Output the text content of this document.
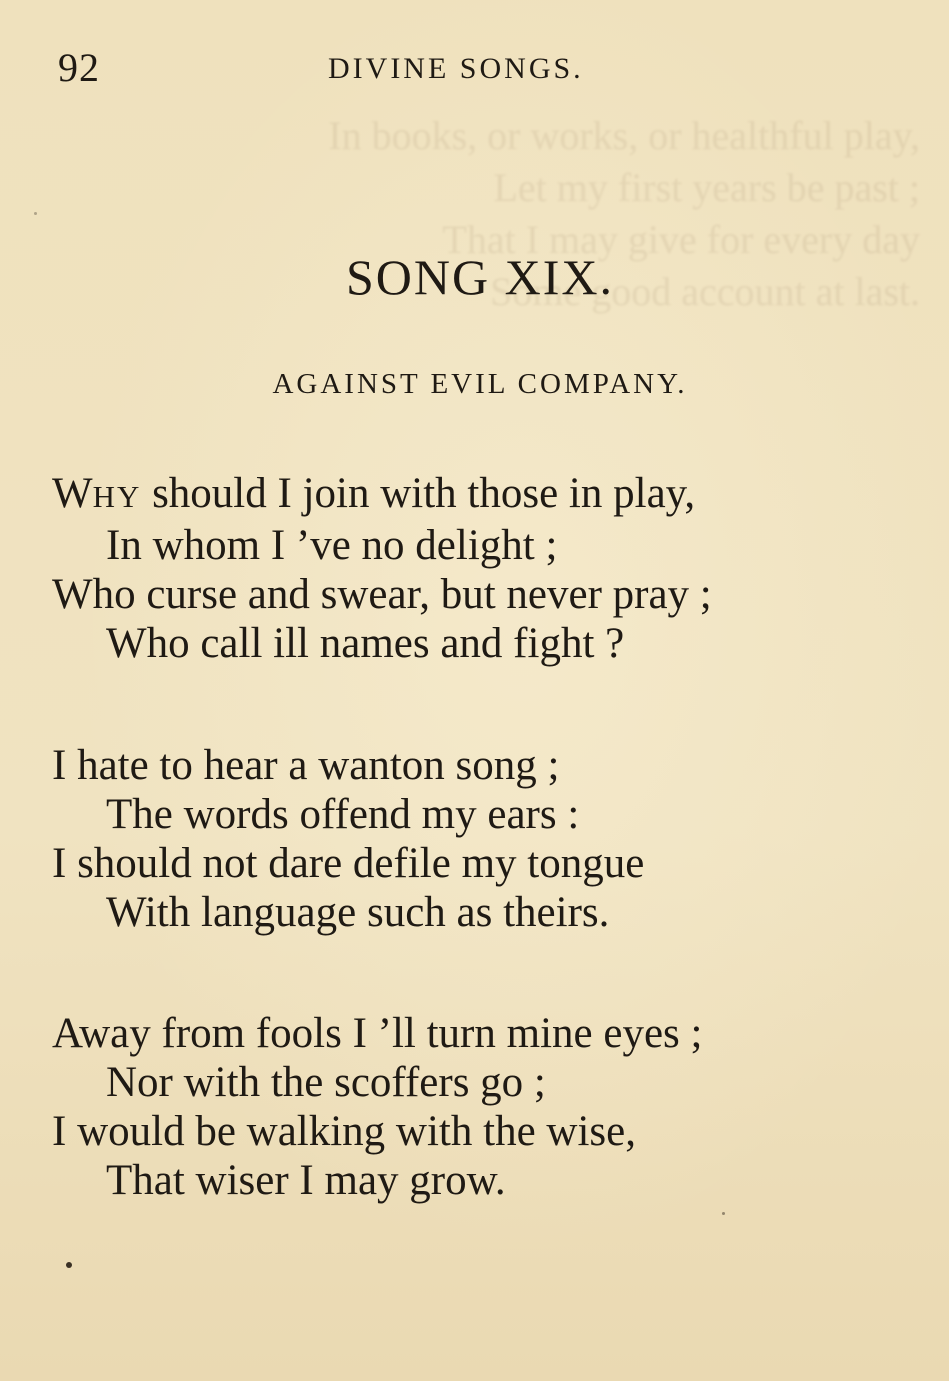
In books, or works, or healthful play,
Let my first years be past ;
That I may give for every day
Some good account at last.
92	DIVINE SONGS.
SONG XIX.
AGAINST EVIL COMPANY.
WHY should I join with those in play,
In whom I ’ve no delight ;
Who curse and swear, but never pray ;
Who call ill names and fight ?
I hate to hear a wanton song ;
The words offend my ears :
I should not dare defile my tongue
With language such as theirs.
Away from fools I ’ll turn mine eyes ;
Nor with the scoffers go ;
I would be walking with the wise,
That wiser I may grow.
